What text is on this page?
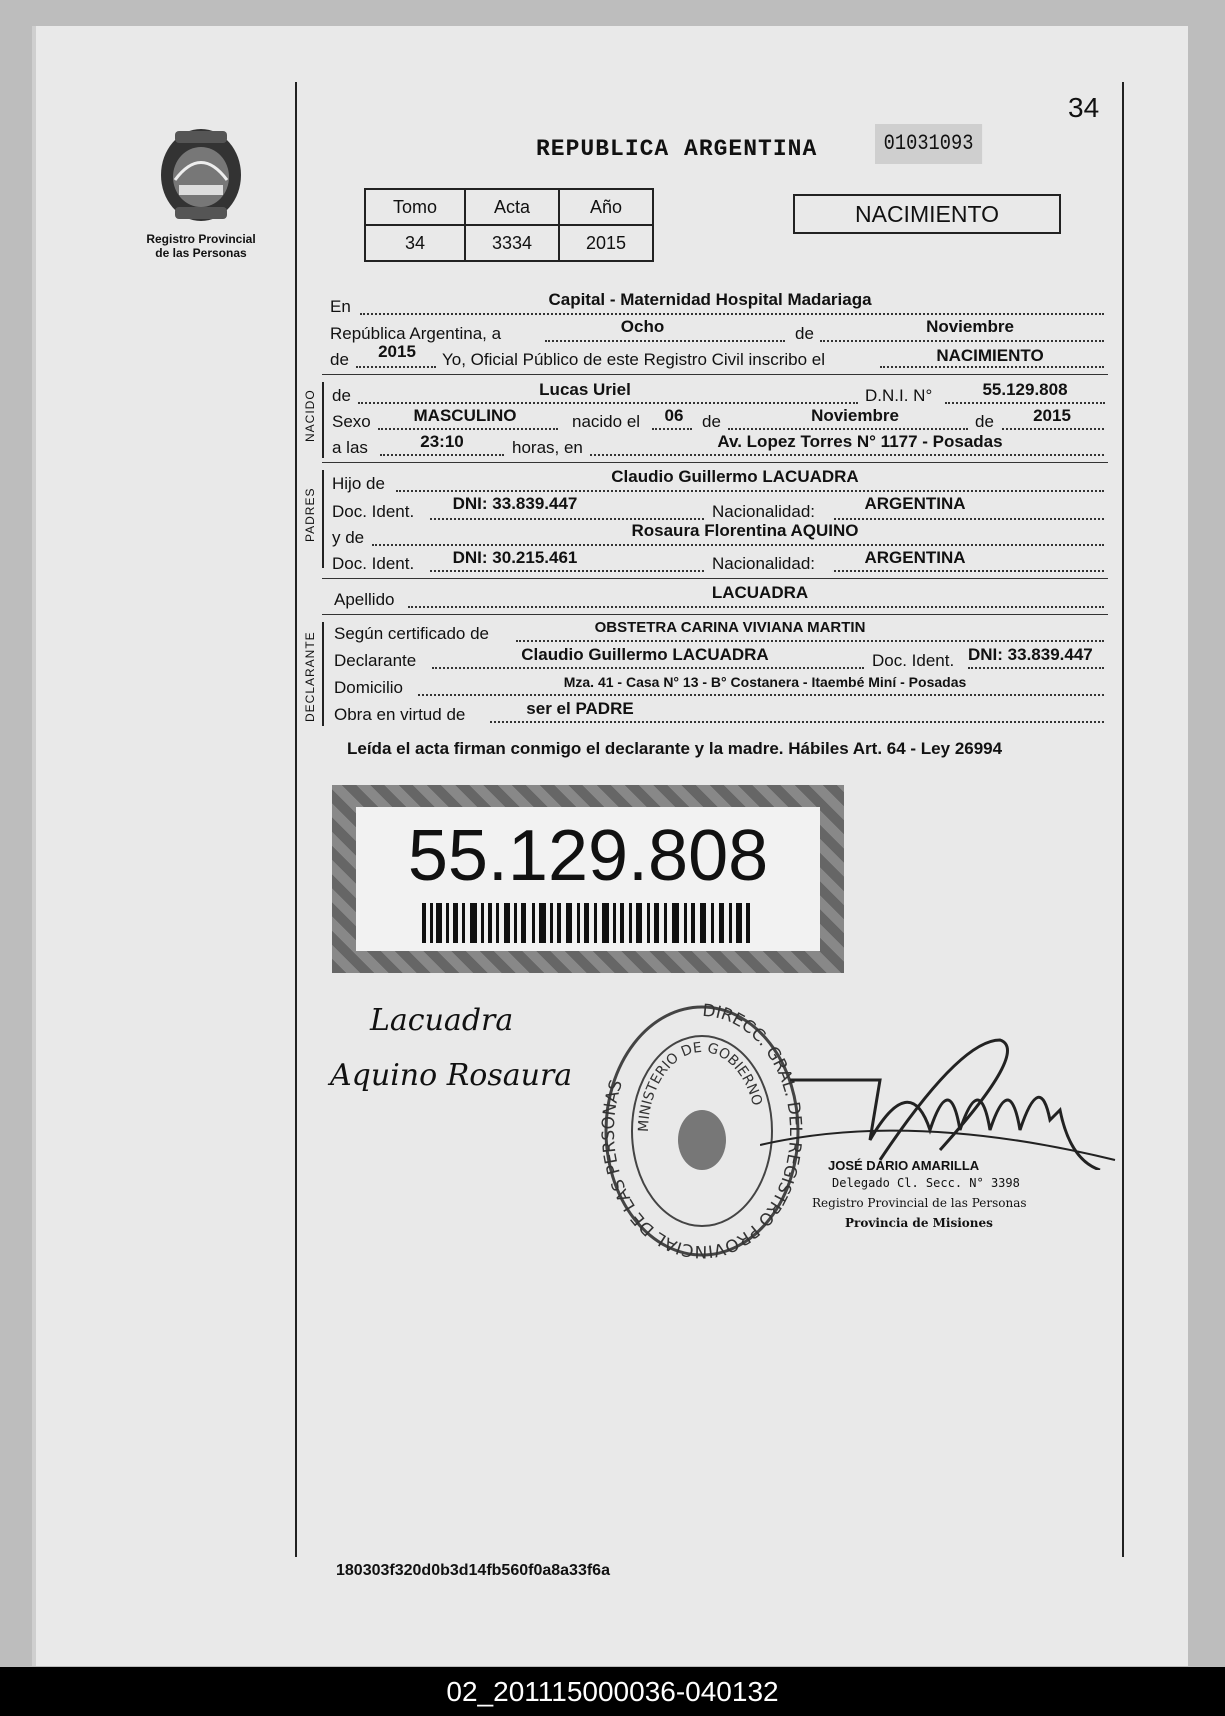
34
Registro Provincial de las Personas
REPUBLICA ARGENTINA	01031093
Tomo	Acta	Año
34	3334	2015
NACIMIENTO
En	Capital - Maternidad Hospital Madariaga
República Argentina, a	Ocho	de	Noviembre
de	2015	Yo, Oficial Público de este Registro Civil inscribo el	NACIMIENTO
NACIDO de	Lucas Uriel	D.N.I. N°	55.129.808
Sexo	MASCULINO	nacido el	06	de	Noviembre	de	2015
a las	23:10	horas, en	Av. Lopez Torres N° 1177 - Posadas
PADRES
Hijo de	Claudio Guillermo LACUADRA
Doc. Ident.	DNI: 33.839.447	Nacionalidad:	ARGENTINA
y de	Rosaura Florentina AQUINO
Doc. Ident.	DNI: 30.215.461	Nacionalidad:	ARGENTINA
Apellido	LACUADRA
DECLARANTE Según certificado de	OBSTETRA CARINA VIVIANA MARTIN
Declarante	Claudio Guillermo LACUADRA	Doc. Ident. DNI: 33.839.447
Domicilio	Mza. 41 - Casa N° 13 - B° Costanera - Itaembé Miní - Posadas
Obra en virtud de	ser el PADRE
Leída el acta firman conmigo el declarante y la madre. Hábiles Art. 64 - Ley 26994
55.129.808
Lacuadra
Aquino Rosaura
DIRECC. GRAL. DEL REGISTRO PROVINCIAL DE LAS PERSONAS
MINISTERIO DE GOBIERNO
JOSÉ DARIO AMARILLA
Delegado Cl. Secc. N° 3398
Registro Provincial de las Personas
Provincia de Misiones
180303f320d0b3d14fb560f0a8a33f6a
02_201115000036-040132
